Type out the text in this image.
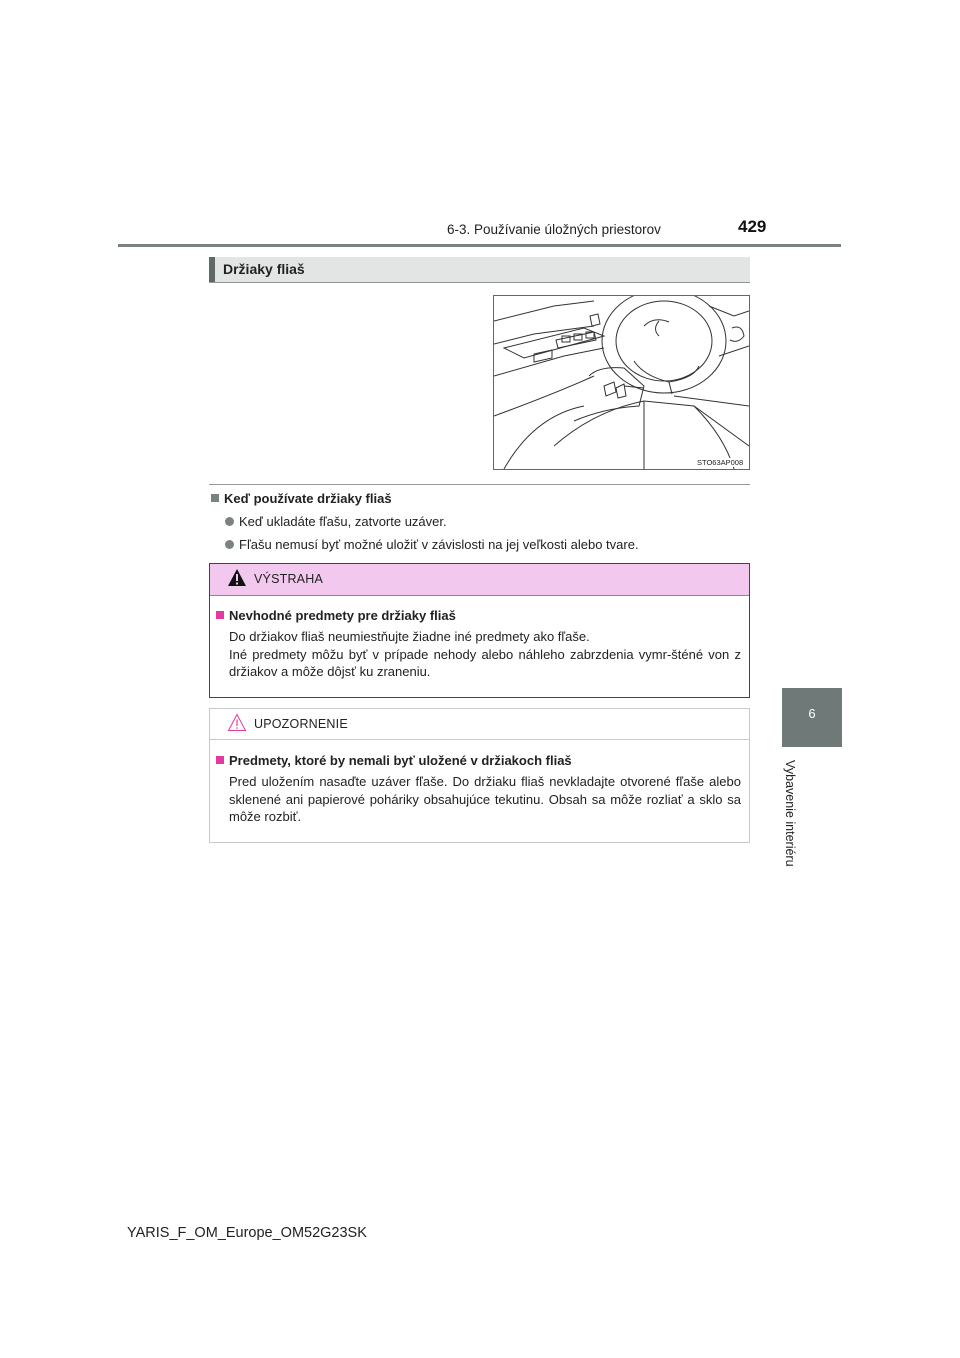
6-3. Používanie úložných priestorov	429
6
Vybavenie interiéru
Držiaky fliaš
STO63AP008
Keď používate držiaky fliaš
Keď ukladáte fľašu, zatvorte uzáver.
Fľašu nemusí byť možné uložiť v závislosti na jej veľkosti alebo tvare.
VÝSTRAHA
Nevhodné predmety pre držiaky fliaš
Do držiakov fliaš neumiestňujte žiadne iné predmety ako fľaše.
Iné predmety môžu byť v prípade nehody alebo náhleho zabrzdenia vymr-šténé von z držiakov a môže dôjsť ku zraneniu.
UPOZORNENIE
Predmety, ktoré by nemali byť uložené v držiakoch fliaš
Pred uložením nasaďte uzáver fľaše. Do držiaku fliaš nevkladajte otvorené fľaše alebo sklenené ani papierové poháriky obsahujúce tekutinu. Obsah sa môže rozliať a sklo sa môže rozbiť.
YARIS_F_OM_Europe_OM52G23SK
